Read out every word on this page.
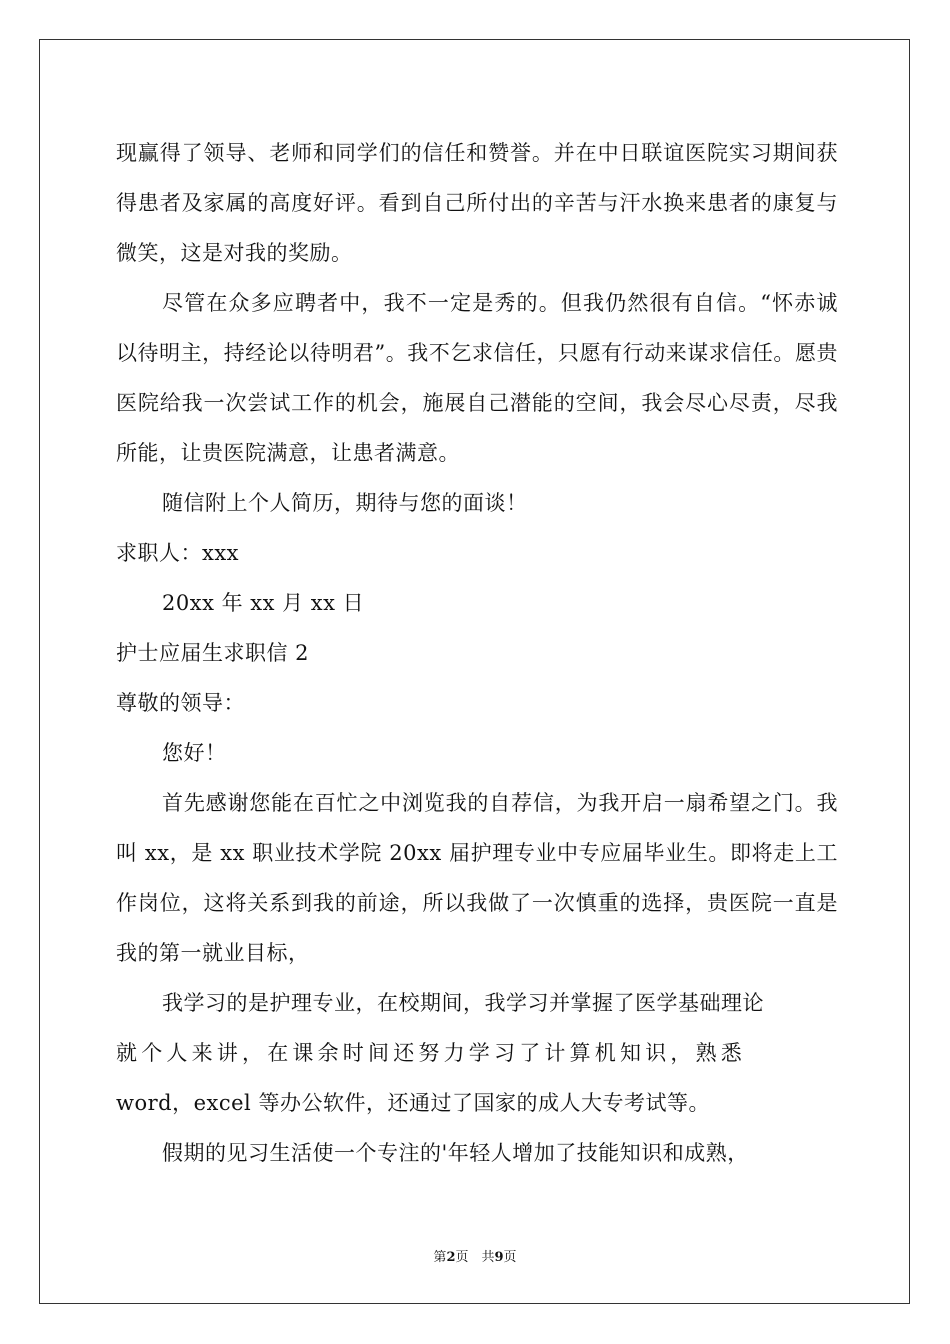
现赢得了领导、老师和同学们的信任和赞誉。并在中日联谊医院实习期间获得患者及家属的高度好评。看到自己所付出的辛苦与汗水换来患者的康复与微笑，这是对我的奖励。

尽管在众多应聘者中，我不一定是秀的。但我仍然很有自信。“怀赤诚以待明主，持经论以待明君”。我不乞求信任，只愿有行动来谋求信任。愿贵医院给我一次尝试工作的机会，施展自己潜能的空间，我会尽心尽责，尽我所能，让贵医院满意，让患者满意。

随信附上个人简历，期待与您的面谈！

求职人：xxx

20xx 年 xx 月 xx 日

护士应届生求职信 2

尊敬的领导：

您好！

首先感谢您能在百忙之中浏览我的自荐信，为我开启一扇希望之门。我叫 xx，是 xx 职业技术学院 20xx 届护理专业中专应届毕业生。即将走上工作岗位，这将关系到我的前途，所以我做了一次慎重的选择，贵医院一直是我的第一就业目标，

我学习的是护理专业，在校期间，我学习并掌握了医学基础理论

就个人来讲，在课余时间还努力学习了计算机知识，熟悉

word，excel 等办公软件，还通过了国家的成人大专考试等。

假期的见习生活使一个专注的'年轻人增加了技能知识和成熟，

第2页　共9页
